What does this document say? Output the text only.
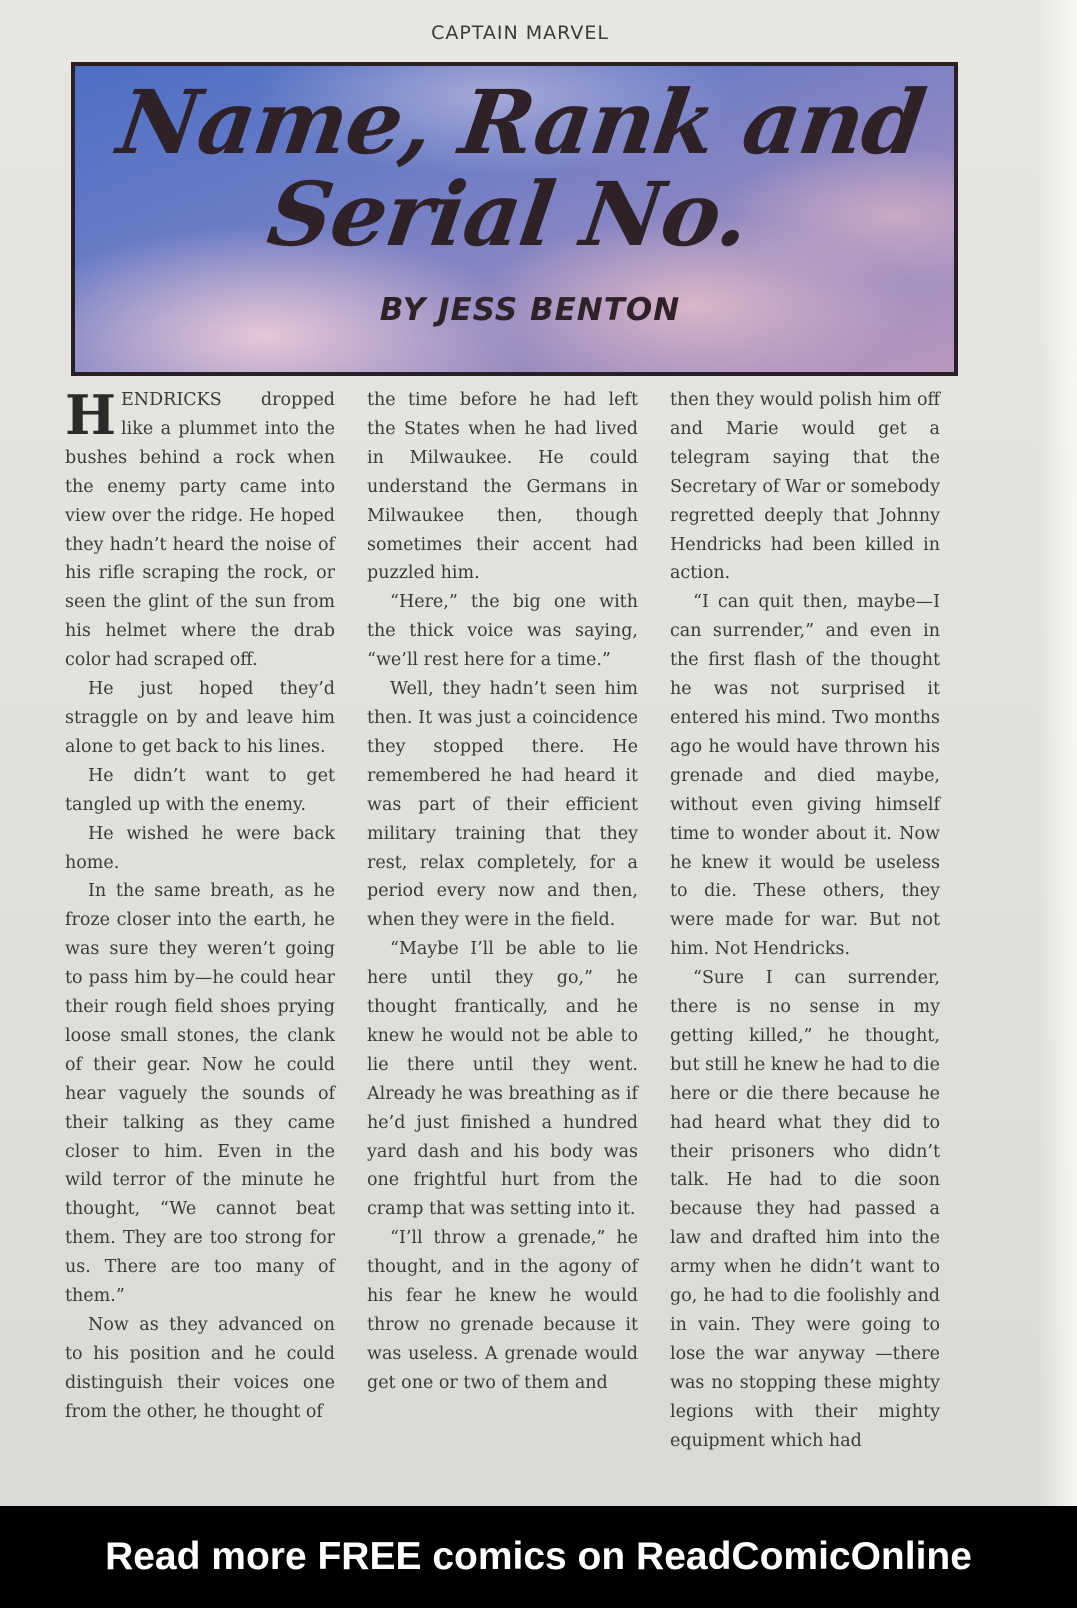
CAPTAIN MARVEL
Name, Rank and
Serial No.
BY JESS BENTON

HENDRICKS dropped like a plummet into the bushes behind a rock when the enemy party came into view over the ridge. He hoped they hadn’t heard the noise of his rifle scraping the rock, or seen the glint of the sun from his helmet where the drab color had scraped off.

He just hoped they’d straggle on by and leave him alone to get back to his lines.

He didn’t want to get tangled up with the enemy.

He wished he were back home.

In the same breath, as he froze closer into the earth, he was sure they weren’t going to pass him by—he could hear their rough field shoes prying loose small stones, the clank of their gear. Now he could hear vaguely the sounds of their talking as they came closer to him. Even in the wild terror of the minute he thought, “We cannot beat them. They are too strong for us. There are too many of them.”

Now as they advanced on to his position and he could distinguish their voices one from the other, he thought of

the time before he had left the States when he had lived in Milwaukee. He could understand the Germans in Milwaukee then, though sometimes their accent had puzzled him.

“Here,” the big one with the thick voice was saying, “we’ll rest here for a time.”

Well, they hadn’t seen him then. It was just a coincidence they stopped there. He remembered he had heard it was part of their efficient military training that they rest, relax completely, for a period every now and then, when they were in the field.

“Maybe I’ll be able to lie here until they go,” he thought frantically, and he knew he would not be able to lie there until they went. Already he was breathing as if he’d just finished a hundred yard dash and his body was one frightful hurt from the cramp that was setting into it.

“I’ll throw a grenade,” he thought, and in the agony of his fear he knew he would throw no grenade because it was useless. A grenade would get one or two of them and

then they would polish him off and Marie would get a telegram saying that the Secretary of War or somebody regretted deeply that Johnny Hendricks had been killed in action.

“I can quit then, maybe—I can surrender,” and even in the first flash of the thought he was not surprised it entered his mind. Two months ago he would have thrown his grenade and died maybe, without even giving himself time to wonder about it. Now he knew it would be useless to die. These others, they were made for war. But not him. Not Hendricks.

“Sure I can surrender, there is no sense in my getting killed,” he thought, but still he knew he had to die here or die there because he had heard what they did to their prisoners who didn’t talk. He had to die soon because they had passed a law and drafted him into the army when he didn’t want to go, he had to die foolishly and in vain. They were going to lose the war anyway —there was no stopping these mighty legions with their mighty equipment which had

Read more FREE comics on ReadComicOnline
